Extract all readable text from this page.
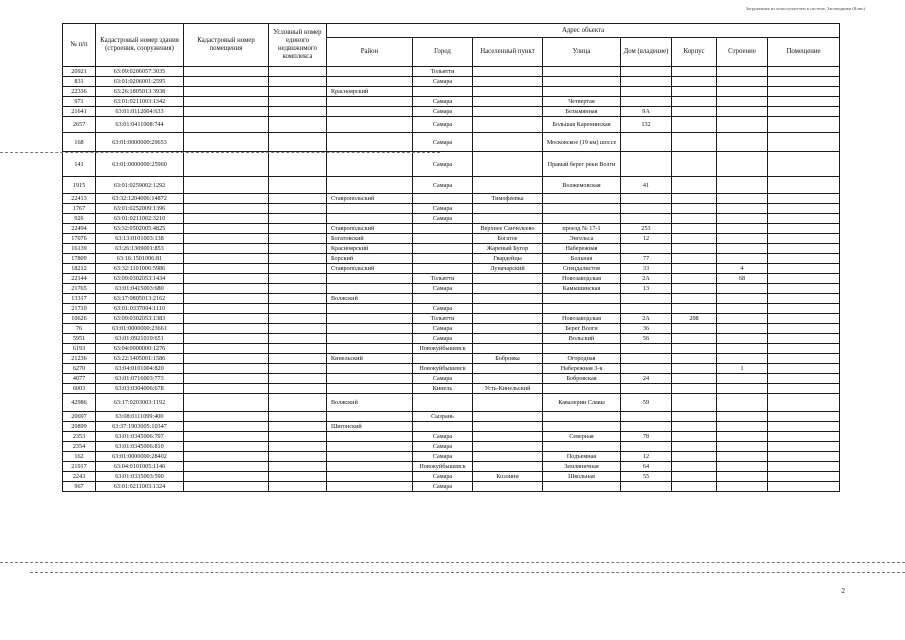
Загруженная из хозполучателем в системе, Заповедники (Клио)
№ п/п	Кадастровый номер здания (строения, сооружения)	Кадастровый номер помещения	Условный номер единого недвижимого комплекса	Адрес объекта							
				Район	Город	Населенный пункт	Улица	Дом (владение)	Корпус	Строение	Помещение
20921	63:09:0206057:3035				Тольятти						
831	63:01:0206001:2595				Самара						
22336	63:26:1805013:3938			Красноярский							
971	63:01:0211003:1342				Самара		Четвертая				
21641	63:01:0112004:633				Самара		Безымянная	9А			
2657	63:01:0411008:744				Самара		Большая Каренинская	132			
168	63:01:0000000:29653				Самара		Московское (19 км) шоссе				
141	63:01:0000000:25960				Самара		Правый берег реки Волги				
1915	63:01:0259002:1292				Самара		Волжемовская	41			
22413	63:32:1204006:14872			Ставропольский		Тимофеевка					
1767	63:01:0252009:1396				Самара						
926	63:01:0211002:3210				Самара						
22494	63:32:0502005:4825			Ставропольский		Верхнее Санчелеево	проезд № 17-1	253			
17076	63:13:0101003:138			Богатовский		Богатое	Энгельса	12			
16139	63:26:1309001:853			Красноярский		Жареный Бугор	Набережная				
17809	63:16:1501006:81			Борский		Гвардейцы	Больная	77			
18212	63:32:1101006:5986			Ставропольский		Луначарский	Спецдалистов	33		4	
22144	63:09:0302053:1434				Тольятти		Новозаводская	2А		68	
21765	63:01:0415003:680				Самара		Камышинская	13			
13317	63:17:0805013:2162			Волжский							
21710	63:01:0337004:1110				Самара						
10626	63:09:0302053:1383				Тольятти		Новозаводская	2А	208		
76	63:01:0000000:23661				Самара		Берег Волги	36			
5951	63:01:0921019:651				Самара		Вольский	56			
6193	63:04:0000000:1276				Новокуйбышевск						
21236	63:22:1405001:1586			Кинельский		Бобровка	Огородная				
6270	63:04:0101004:820				Новокуйбышевск		Набережная 3-я			1	
4077	63:01:0716003:773				Самара		Бобровская	24			
6003	63:03:0304006:678				Кинель	Усть-Кинельский					
42986	63:17:0203003:1192			Волжский			Кавалерии Славы	59			
20697	63:08:0111099:400				Сызрань						
20899	63:37:1903005:10347			Шигонский							
2353	63:01:0345006:797				Самара		Северная	78			
2354	63:01:0345006:810				Самара						
162	63:01:0000000:28402				Самара		Подъемная	12			
21917	63:04:0101005:1146				Новокуйбышевск		Земляничная	64			
2243	63:01:0335003:590				Самара	Козлини	Школьная	55			
967	63:01:0211003:1324				Самара						
2
